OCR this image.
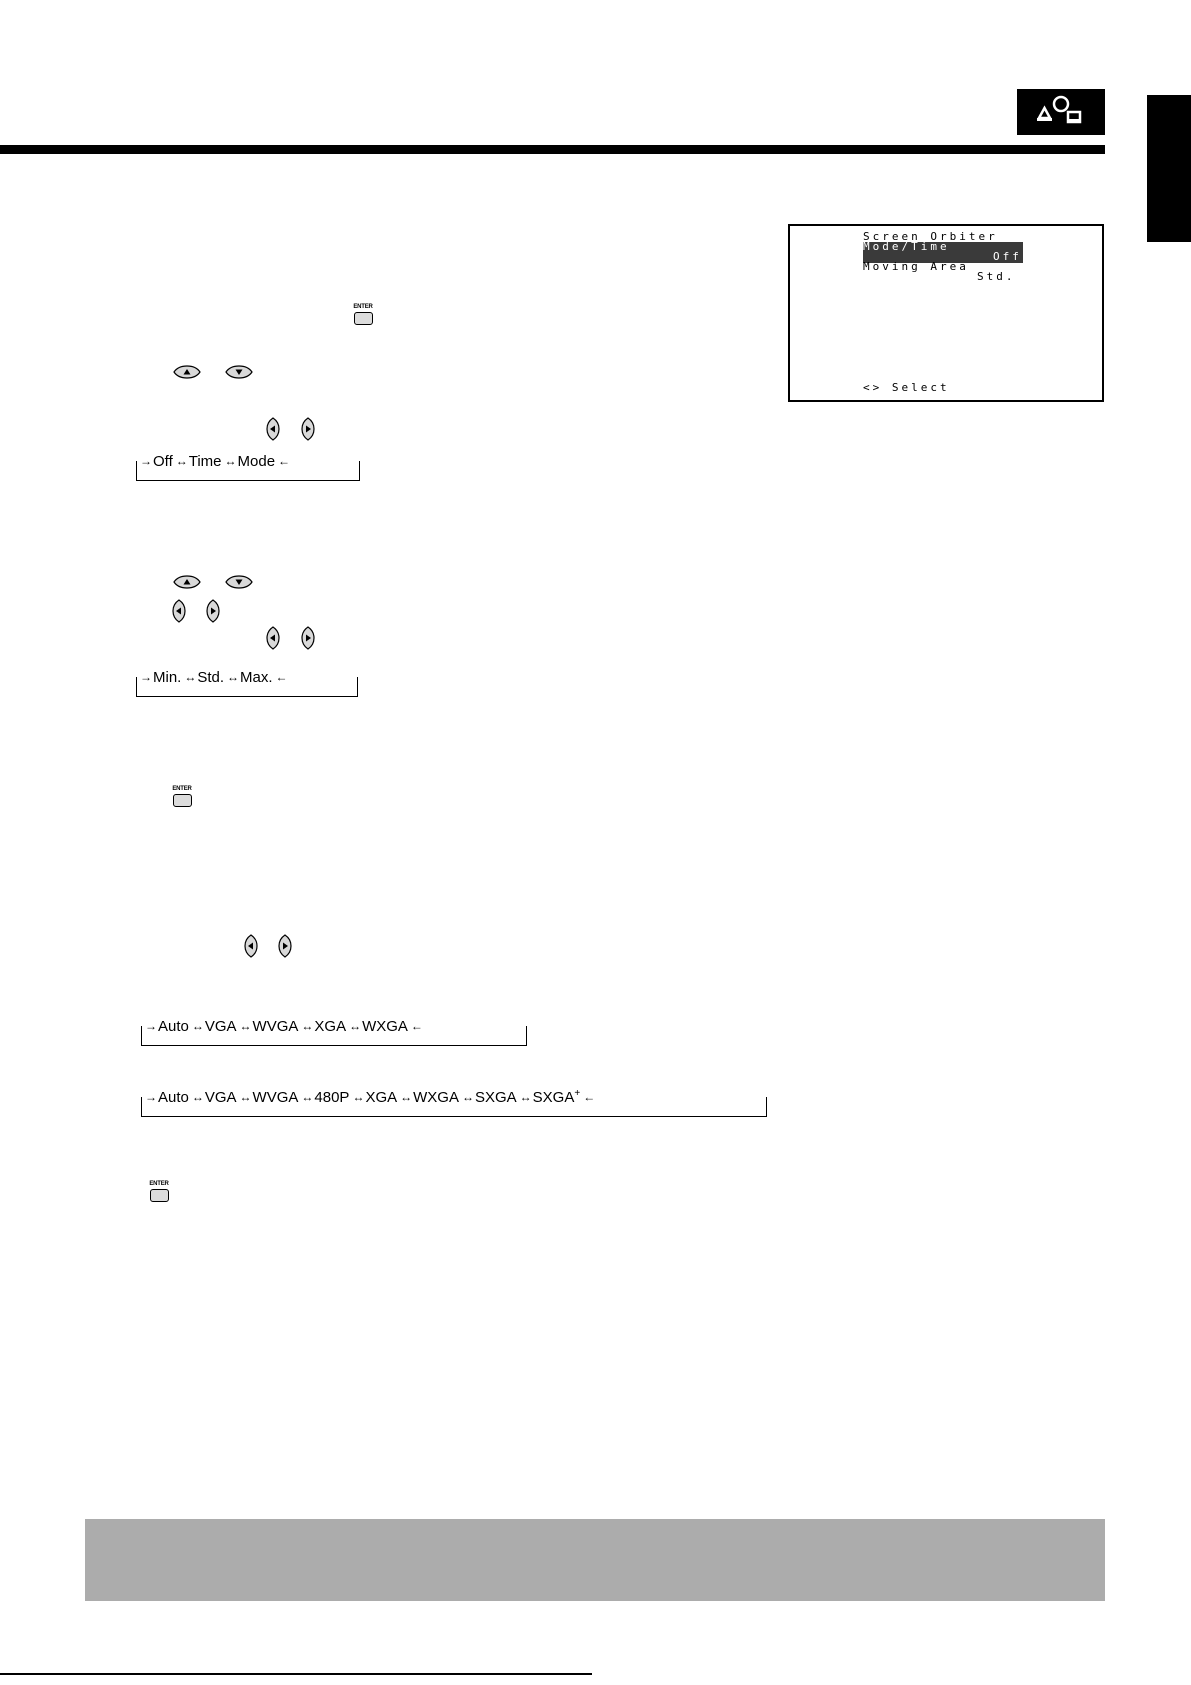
Screen Orbiter
Mode/Time
Off
Moving Area
Std.
<> Select
ENTER
ENTER
ENTER
→ Off ↔ Time ↔ Mode ←
→ Min. ↔ Std. ↔ Max. ←
→ Auto ↔ VGA ↔ WVGA ↔ XGA ↔ WXGA ←
→ Auto ↔ VGA ↔ WVGA ↔ 480P ↔ XGA ↔ WXGA ↔ SXGA ↔ SXGA+ ←
